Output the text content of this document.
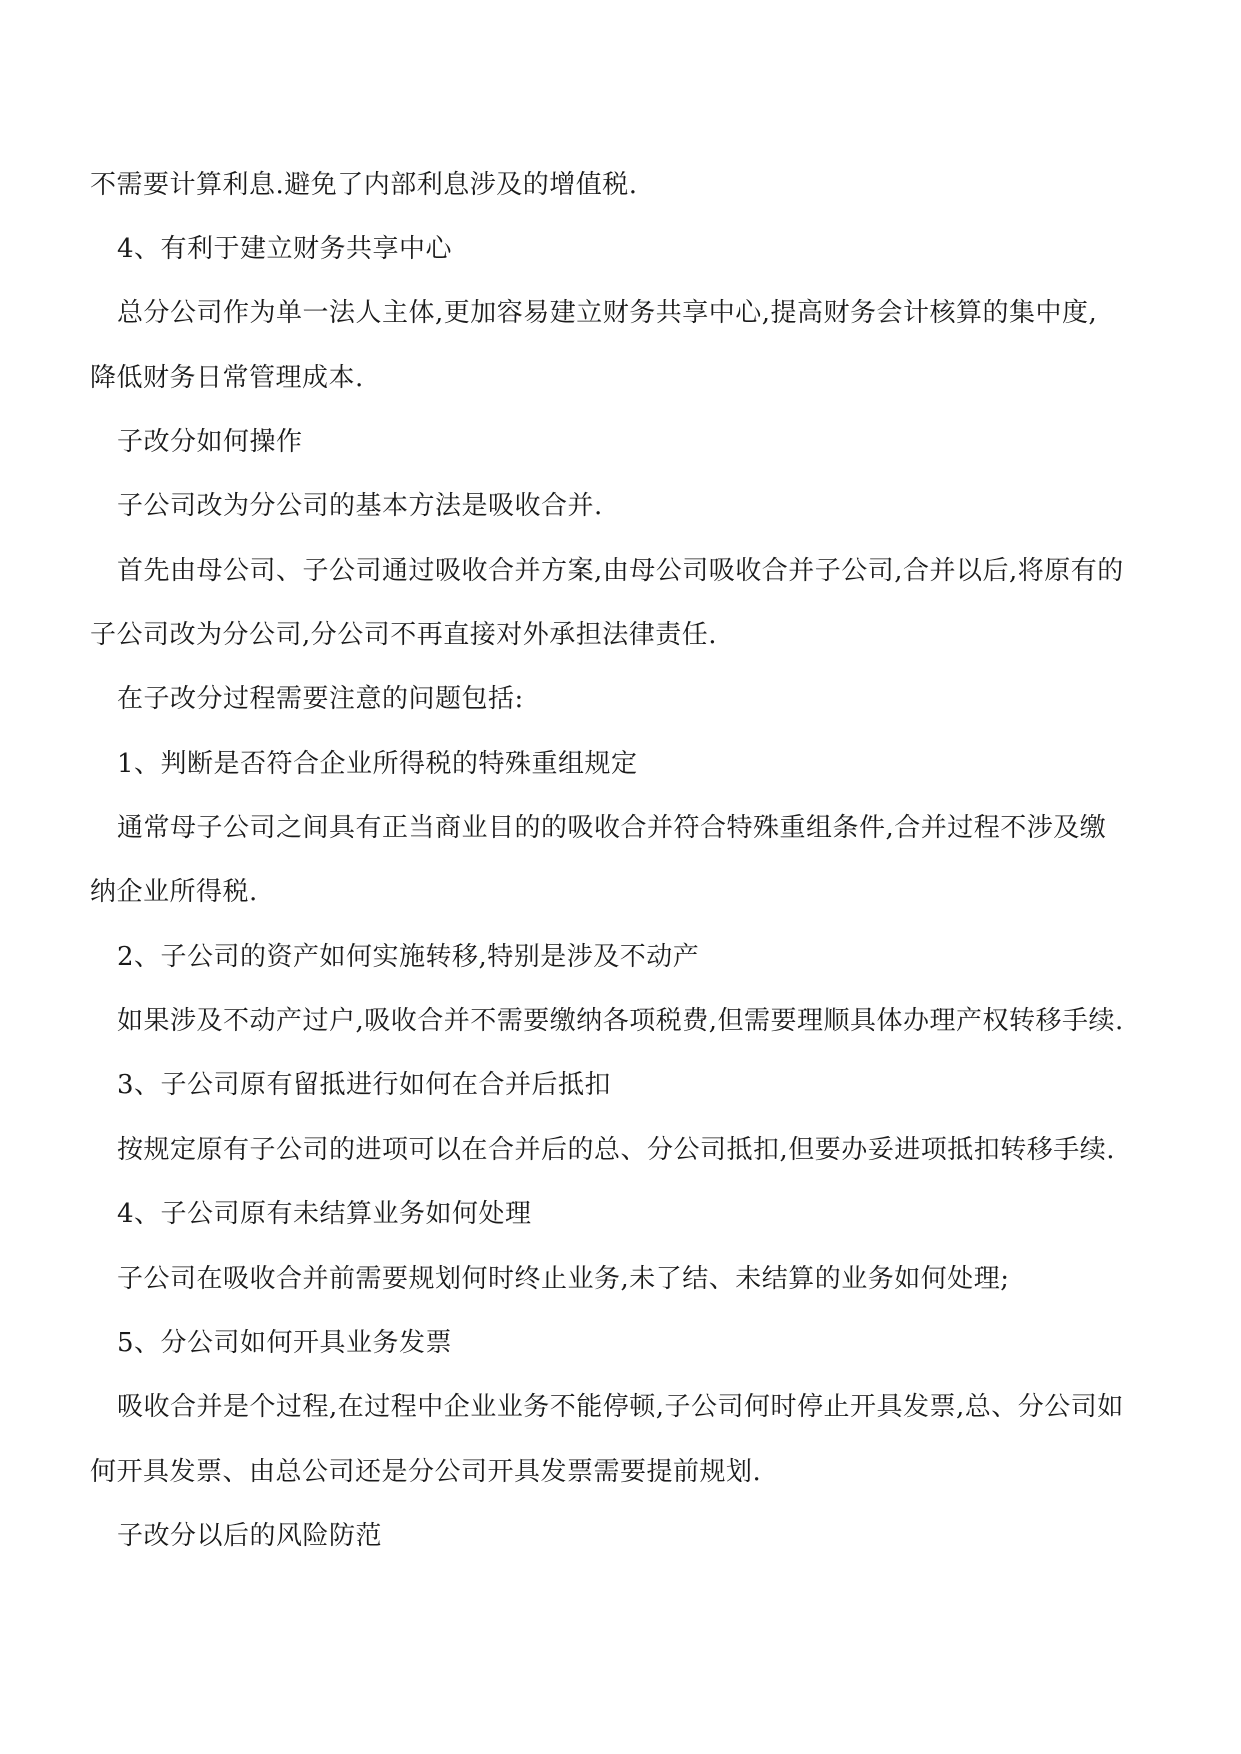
不需要计算利息.避免了内部利息涉及的增值税.

4、有利于建立财务共享中心

总分公司作为单一法人主体,更加容易建立财务共享中心,提高财务会计核算的集中度,

降低财务日常管理成本.

子改分如何操作

子公司改为分公司的基本方法是吸收合并.

首先由母公司、子公司通过吸收合并方案,由母公司吸收合并子公司,合并以后,将原有的

子公司改为分公司,分公司不再直接对外承担法律责任.

在子改分过程需要注意的问题包括:

1、判断是否符合企业所得税的特殊重组规定

通常母子公司之间具有正当商业目的的吸收合并符合特殊重组条件,合并过程不涉及缴

纳企业所得税.

2、子公司的资产如何实施转移,特别是涉及不动产

如果涉及不动产过户,吸收合并不需要缴纳各项税费,但需要理顺具体办理产权转移手续.

3、子公司原有留抵进行如何在合并后抵扣

按规定原有子公司的进项可以在合并后的总、分公司抵扣,但要办妥进项抵扣转移手续.

4、子公司原有未结算业务如何处理

子公司在吸收合并前需要规划何时终止业务,未了结、未结算的业务如何处理;

5、分公司如何开具业务发票

吸收合并是个过程,在过程中企业业务不能停顿,子公司何时停止开具发票,总、分公司如

何开具发票、由总公司还是分公司开具发票需要提前规划.

子改分以后的风险防范
